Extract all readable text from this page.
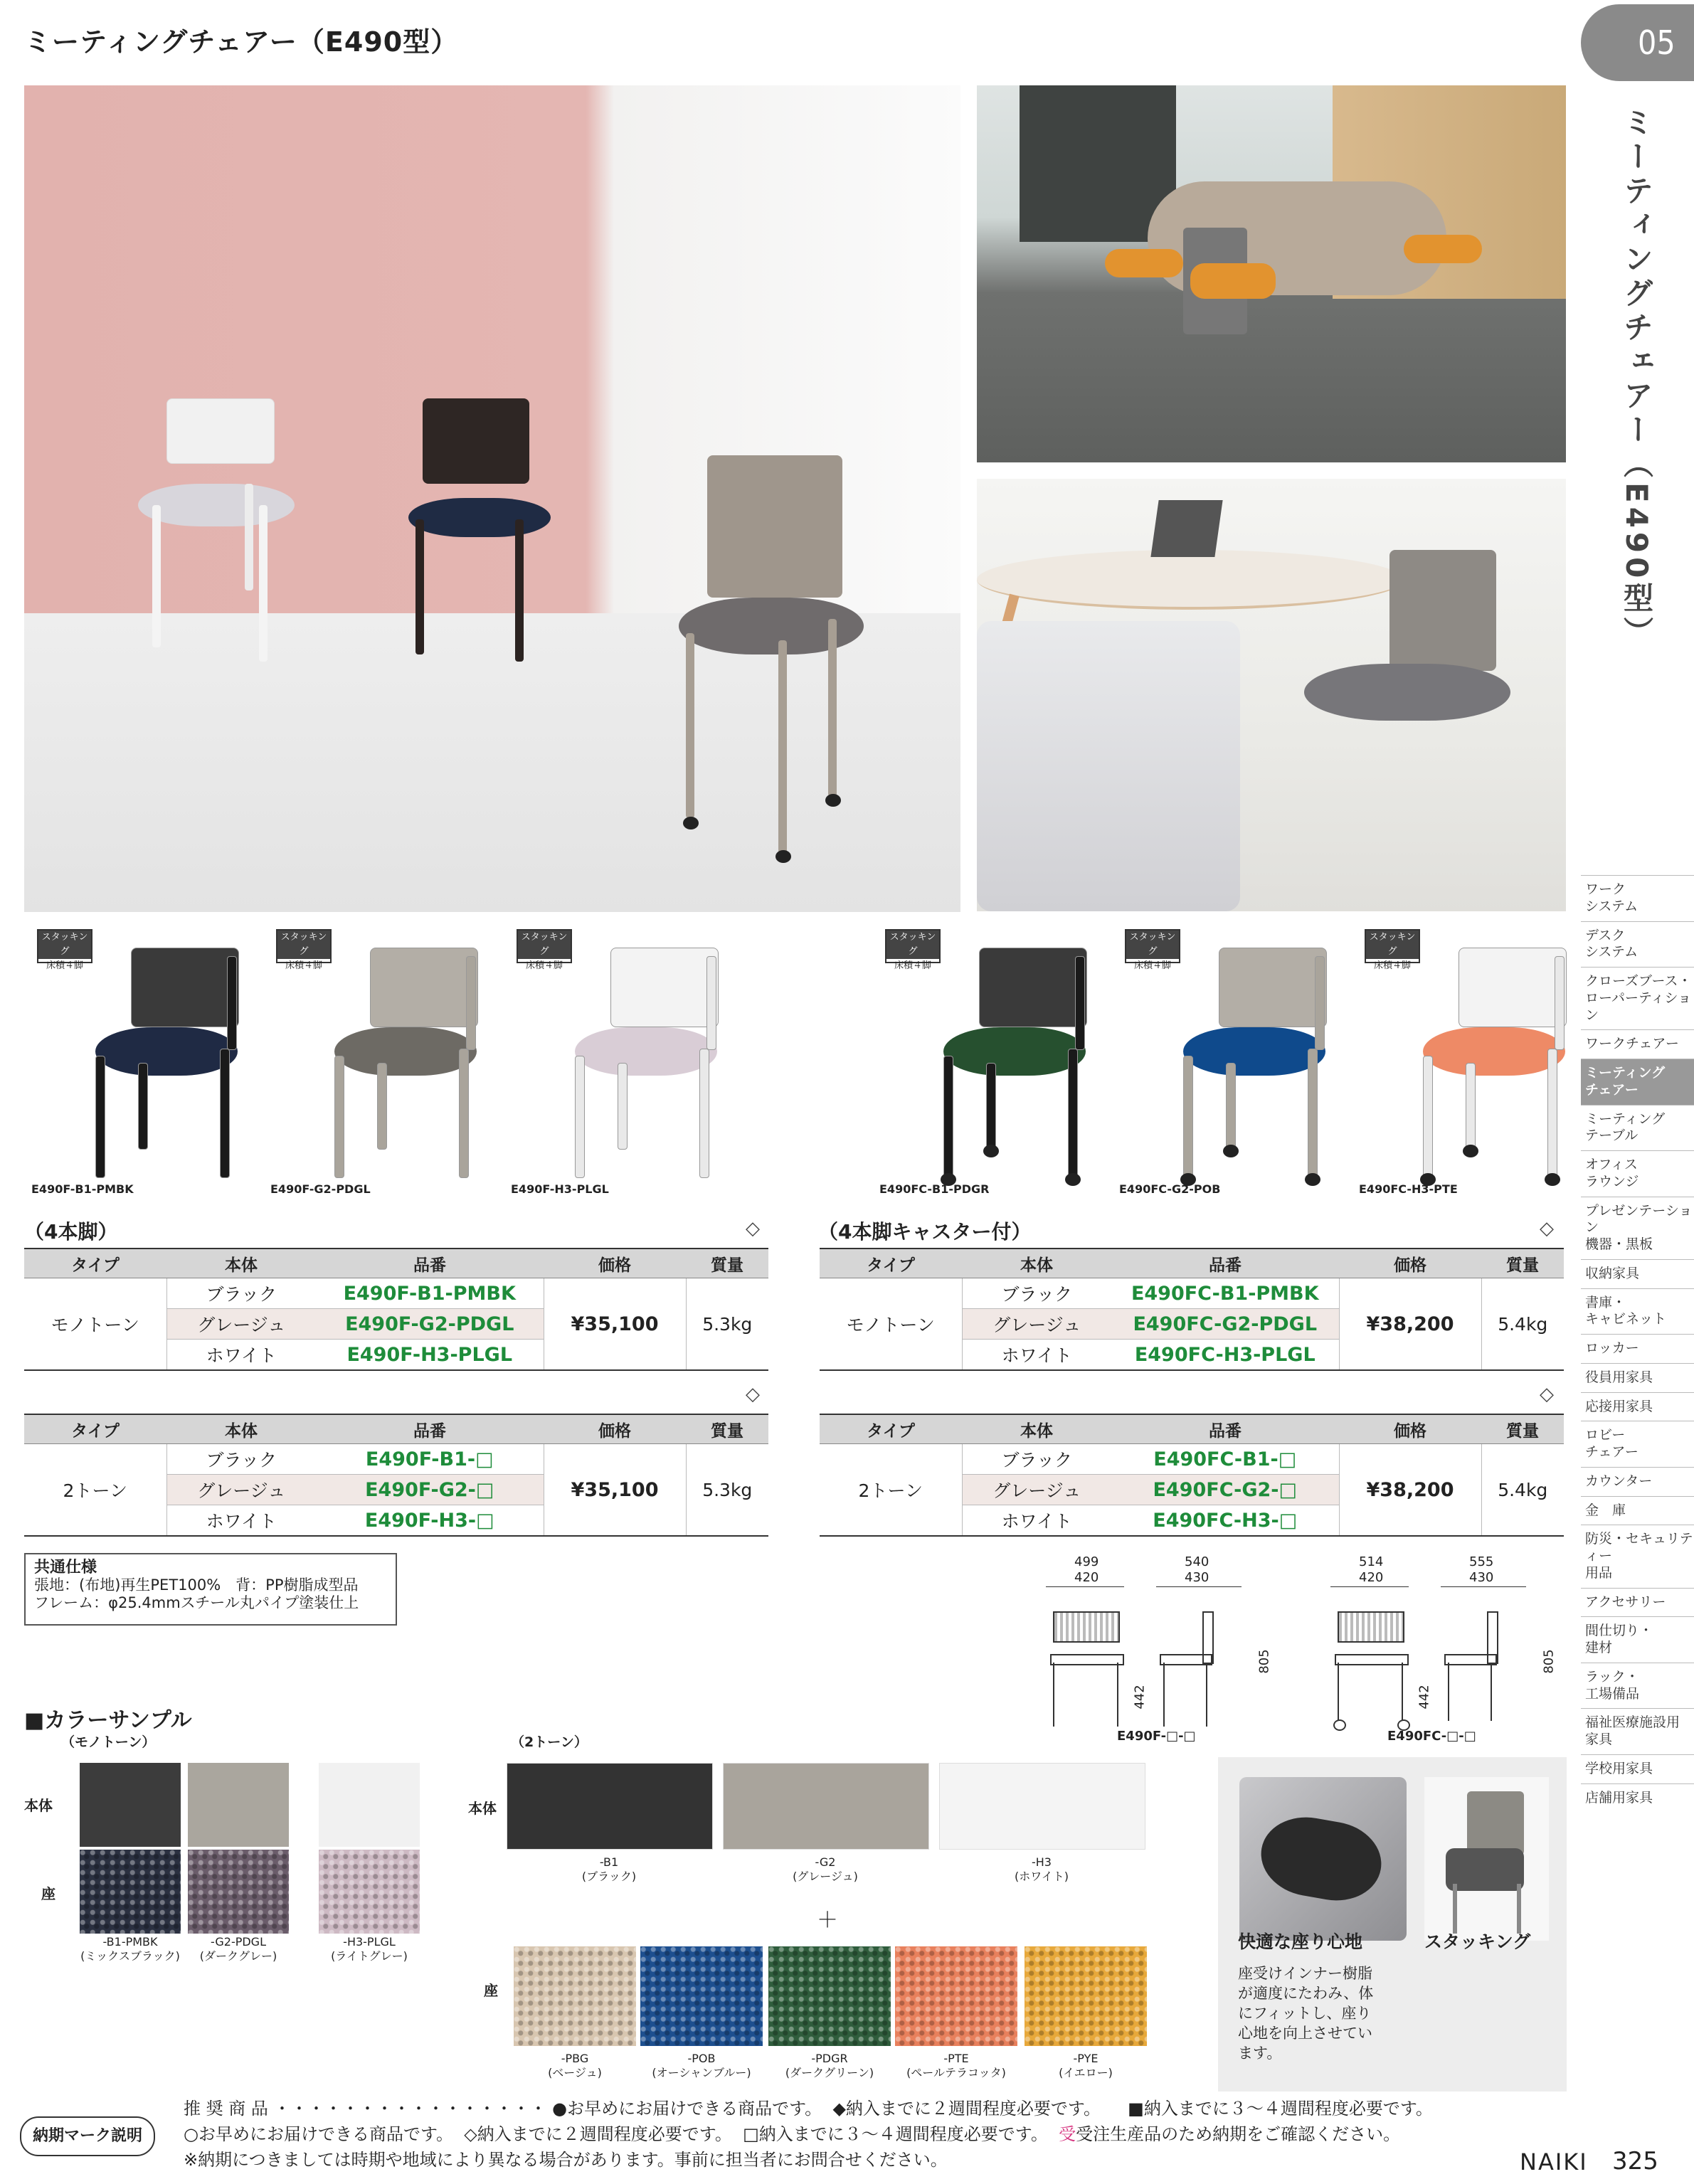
ミーティングチェアー（E490型）	05
ミーティングチェアー（E490型）
ワーク
システム
デスク
システム
クローズブース・
ローパーティション
ワークチェアー
ミーティング
チェアー
ミーティング
テーブル
オフィス
ラウンジ
プレゼンテーション
機器・黒板
収納家具
書庫・
キャビネット
ロッカー
役員用家具
応接用家具
ロビー
チェアー
カウンター
金　庫
防災・セキュリティー
用品
アクセサリー
間仕切り・
建材
ラック・
工場備品
福祉医療施設用
家具
学校用家具
店舗用家具
スタッキング
床積４脚
E490F-B1-PMBK
スタッキング
床積４脚
E490F-G2-PDGL
スタッキング
床積４脚
E490F-H3-PLGL
スタッキング
床積４脚
E490FC-B1-PDGR
スタッキング
床積４脚
E490FC-G2-POB
スタッキング
床積４脚
E490FC-H3-PTE
（4本脚）	（4本脚キャスター付）
◇	◇
◇	◇
タイプ	本体	品番	価格	質量
モノトーン	ブラック	E490F-B1-PMBK	¥35,100	5.3kg
	グレージュ	E490F-G2-PDGL		
	ホワイト	E490F-H3-PLGL		
タイプ	本体	品番	価格	質量
モノトーン	ブラック	E490FC-B1-PMBK	¥38,200	5.4kg
	グレージュ	E490FC-G2-PDGL		
	ホワイト	E490FC-H3-PLGL		
タイプ	本体	品番	価格	質量
2トーン	ブラック	E490F-B1-□	¥35,100	5.3kg
	グレージュ	E490F-G2-□		
	ホワイト	E490F-H3-□		
タイプ	本体	品番	価格	質量
2トーン	ブラック	E490FC-B1-□	¥38,200	5.4kg
	グレージュ	E490FC-G2-□		
	ホワイト	E490FC-H3-□		
共通仕様
張地：(布地)再生PET100%　背：PP樹脂成型品
フレーム：φ25.4mmスチール丸パイプ塗装仕上
499
420
540
430
805
442
E490F-□-□
514
420
555
430
805
442
E490FC-□-□
■カラーサンプル
（モノトーン）	（2トーン）
本体
座
本体
座
＋
-B1-PMBK
(ミックスブラック)
-G2-PDGL
(ダークグレー)
-H3-PLGL
(ライトグレー)
-B1
(ブラック)
-G2
(グレージュ)
-H3
(ホワイト)
-PBG
(ベージュ)
-POB
(オーシャンブルー)
-PDGR
(ダークグリーン)
-PTE
(ペールテラコッタ)
-PYE
(イエロー)
快適な座り心地	スタッキング
座受けインナー樹脂
が適度にたわみ、体
にフィットし、座り
心地を向上させてい
ます。
納期マーク説明
推 奨 商 品 ・・・・・・・・・・・・・・・・ ●お早めにお届けできる商品です。 ◆納入までに２週間程度必要です。 ■納入までに３～４週間程度必要です。
○お早めにお届けできる商品です。 ◇納入までに２週間程度必要です。 □納入までに３～４週間程度必要です。 受受注生産品のため納期をご確認ください。
※納期につきましては時期や地域により異なる場合があります。事前に担当者にお問合せください。	NAIKI 325
